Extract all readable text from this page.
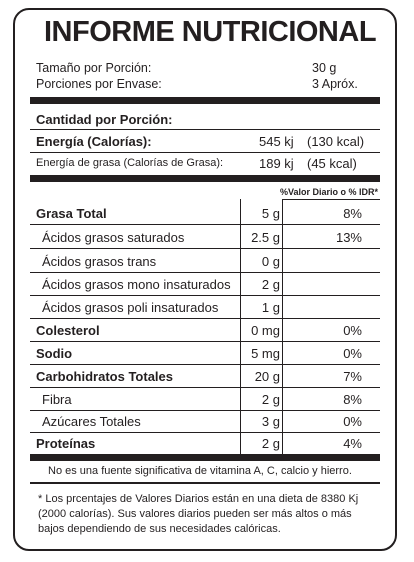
INFORME NUTRICIONAL
Tamaño por Porción:	30 g
Porciones por Envase:	3 Apróx.
Cantidad por Porción:
Energía (Calorías):	545 kj (130 kcal)
Energía de grasa (Calorías de Grasa):	189 kj (45 kcal)
%Valor Diario o % IDR*
Grasa Total	5 g	8%
Ácidos grasos saturados	2.5 g	13%
Ácidos grasos trans	0 g
Ácidos grasos mono insaturados	2 g
Ácidos grasos poli insaturados	1 g
Colesterol	0 mg	0%
Sodio	5 mg	0%
Carbohidratos Totales	20 g	7%
Fibra	2 g	8%
Azúcares Totales	3 g	0%
Proteínas	2 g	4%
No es una fuente significativa de vitamina A, C, calcio y hierro.
* Los prcentajes de Valores Diarios están en una dieta de 8380 Kj
(2000 calorías). Sus valores diarios pueden ser más altos o más
bajos dependiendo de sus necesidades calóricas.
